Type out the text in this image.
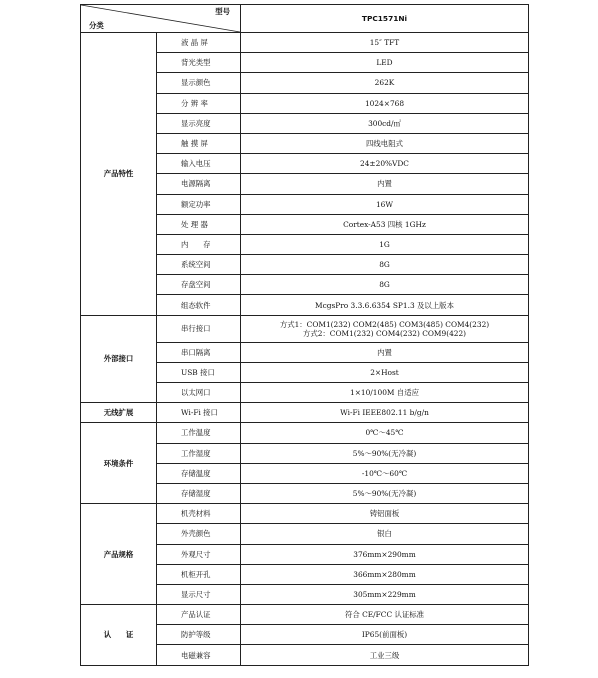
型号
分类		TPC1571Ni
产品特性	液 晶 屏	15″ TFT
	背光类型	LED
	显示颜色	262K
	分 辨 率	1024×768
	显示亮度	300cd/㎡
	触 摸 屏	四线电阻式
	输入电压	24±20%VDC
	电源隔离	内置
	额定功率	16W
	处 理 器	Cortex-A53 四核 1GHz
	内　　存	1G
	系统空间	8G
	存盘空间	8G
	组态软件	McgsPro 3.3.6.6354 SP1.3 及以上版本
外部接口	串行接口	方式1：COM1(232) COM2(485) COM3(485) COM4(232)
方式2：COM1(232) COM4(232) COM9(422)

	串口隔离	内置
	USB 接口	2×Host
	以太网口	1×10/100M 自适应
无线扩展	Wi-Fi 接口	Wi-Fi IEEE802.11 b/g/n
环境条件	工作温度	0℃～45℃
	工作湿度	5%～90%(无冷凝)
	存储温度	-10℃～60℃
	存储湿度	5%～90%(无冷凝)
产品规格	机壳材料	铸铝面板
	外壳颜色	银白
	外观尺寸	376mm×290mm
	机柜开孔	366mm×280mm
	显示尺寸	305mm×229mm
认　　证	产品认证	符合 CE/FCC 认证标准
	防护等级	IP65(前面板)
	电磁兼容	工业三级
